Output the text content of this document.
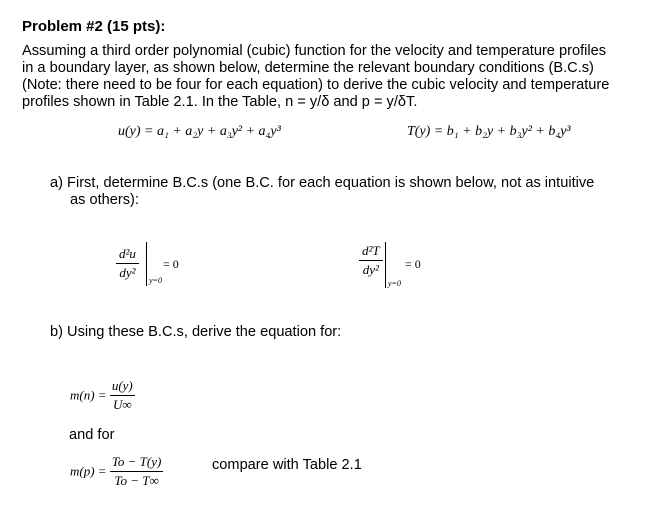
Problem #2 (15 pts):
Assuming a third order polynomial (cubic) function for the velocity and temperature profiles
in a boundary layer, as shown below, determine the relevant boundary conditions (B.C.s)
(Note: there need to be four for each equation) to derive the cubic velocity and temperature
profiles shown in Table 2.1. In the Table, n = y/δ and p = y/δT.
u(y) = a₁ + a₂y + a₃y² + a₄y³	T(y) = b₁ + b₂y + b₃y² + b₄y³
a) First, determine B.C.s (one B.C. for each equation is shown below, not as intuitive
as others):
$\frac{\text{d²u}}{\text{dy²}} y=0$
= 0	$\frac{\text{d²T}}{\text{dy²}}$
y=0
= 0
b) Using these B.C.s, derive the equation for:
$m(n) = \frac{u(y)}{U\infty}$
and for
$m(p) = \frac{To - T(y)}{To - T\infty}$	compare with Table 2.1
